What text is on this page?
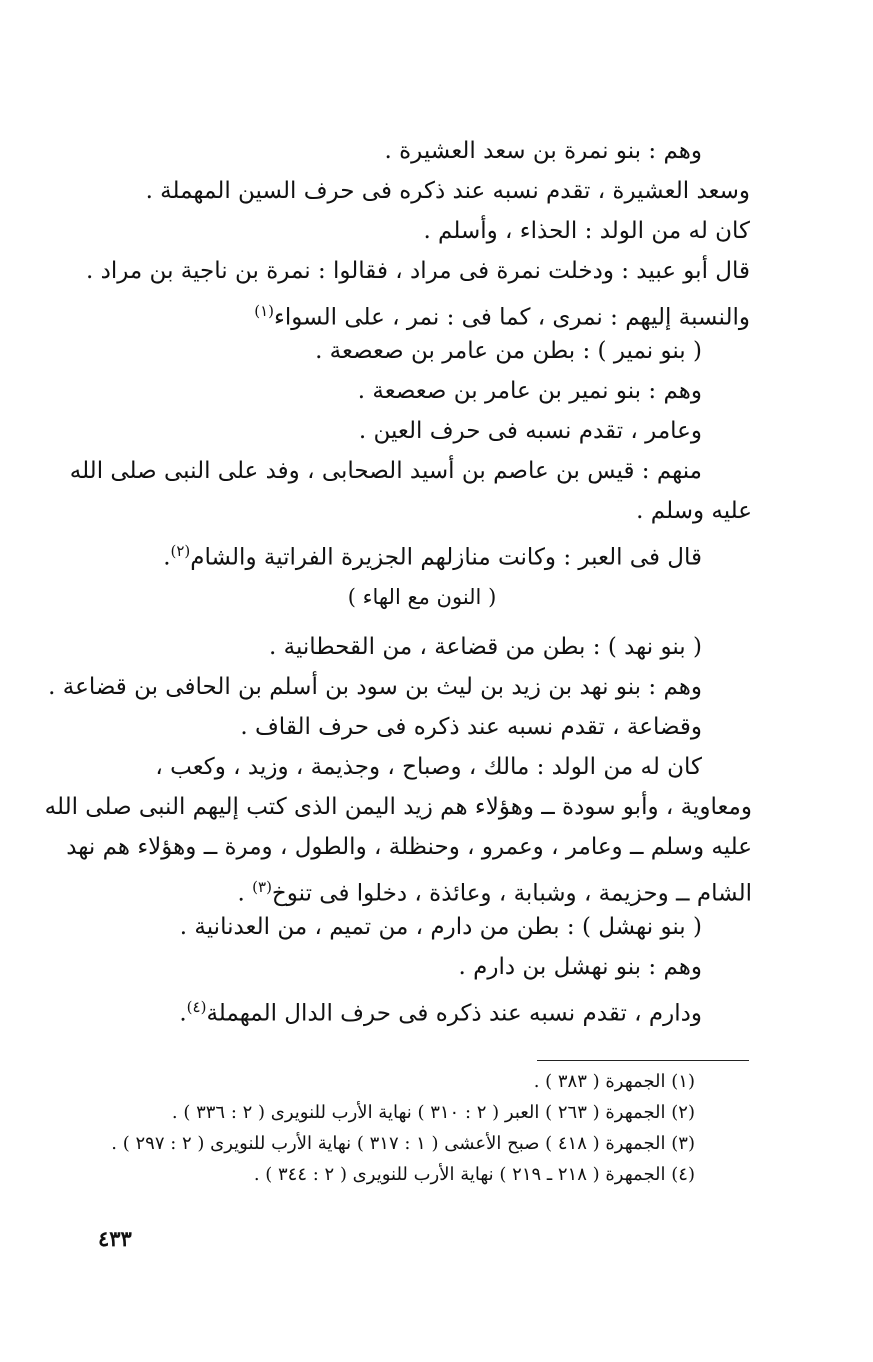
وهم : بنو نمرة بن سعد العشيرة .
وسعد العشيرة ، تقدم نسبه عند ذكره فى حرف السين المهملة .
كان له من الولد : الحذاء ، وأسلم .
قال أبو عبيد : ودخلت نمرة فى مراد ، فقالوا : نمرة بن ناجية بن مراد .
والنسبة إليهم : نمرى ، كما فى : نمر ، على السواء$^{(١)}$
( بنو نمير ) : بطن من عامر بن صعصعة .
وهم : بنو نمير بن عامر بن صعصعة .
وعامر ، تقدم نسبه فى حرف العين .
منهم : قيس بن عاصم بن أسيد الصحابى ، وفد على النبى صلى الله
عليه وسلم .
قال فى العبر : وكانت منازلهم الجزيرة الفراتية والشام$^{(٢)}$.
( النون مع الهاء )
( بنو نهد ) : بطن من قضاعة ، من القحطانية .
وهم : بنو نهد بن زيد بن ليث بن سود بن أسلم بن الحافى بن قضاعة .
وقضاعة ، تقدم نسبه عند ذكره فى حرف القاف .
كان له من الولد : مالك ، وصباح ، وجذيمة ، وزيد ، وكعب ،
ومعاوية ، وأبو سودة ــ وهؤلاء هم زيد اليمن الذى كتب إليهم النبى صلى الله
عليه وسلم ــ وعامر ، وعمرو ، وحنظلة ، والطول ، ومرة ــ وهؤلاء هم نهد
الشام ــ وحزيمة ، وشبابة ، وعائذة ، دخلوا فى تنوخ$^{(٣)}$ .
( بنو نهشل ) : بطن من دارم ، من تميم ، من العدنانية .
وهم : بنو نهشل بن دارم .
ودارم ، تقدم نسبه عند ذكره فى حرف الدال المهملة$^{(٤)}$.
(١) الجمهرة ( ٣٨٣ ) .
(٢) الجمهرة ( ٢٦٣ ) العبر ( ٢ : ٣١٠ ) نهاية الأرب للنويرى ( ٢ : ٣٣٦ ) .
(٣) الجمهرة ( ٤١٨ ) صبح الأعشى ( ١ : ٣١٧ ) نهاية الأرب للنويرى ( ٢ : ٢٩٧ ) .
(٤) الجمهرة ( ٢١٨ ـ ٢١٩ ) نهاية الأرب للنويرى ( ٢ : ٣٤٤ ) .
٤٣٣
